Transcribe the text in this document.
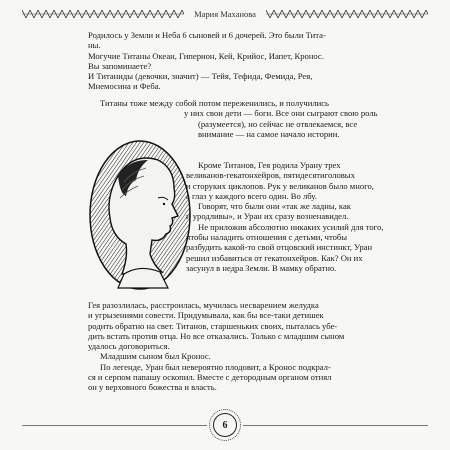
Мария Маханова

Родилось у Земли и Неба 6 сыновей и 6 дочерей. Это были Тита-

ны.

Могучие Титаны Океан, Гиперион, Кей, Крийос, Иапет, Кронос.

Вы запоминаете?

И Титаниды (девочки, значит) — Тейя, Тефида, Фемида, Рея,

Мнемосина и Феба.

Титаны тоже между собой потом переженились, и получились

у них свои дети — боги. Все они сыграют свою роль

(разумеется), но сейчас не отвлекаемся, все

внимание — на самое начало истории.

Кроме Титанов, Гея родила Урану трех

великанов-гекатонхейров, пятидесятиголовых

и сторуких циклопов. Рук у великанов было много,

а глаз у каждого всего один. Во лбу.

Говорят, что были они «так же ладны, как

и уродливы», и Уран их сразу возненавидел.

Не приложив абсолютно никаких усилий для того,

чтобы наладить отношения с детьми, чтобы

разбудить какой-то свой отцовский инстинкт, Уран

решил избавиться от гекатонхейров. Как? Он их

засунул в недра Земли. В мамку обратно.

Гея разозлилась, расстроилась, мучилась несварением желудка

и угрызениями совести. Придумывала, как бы все-таки детишек

родить обратно на свет. Титанов, старшеньких своих, пыталась убе-

дить встать против отца. Но все отказались. Только с младшим сыном

удалось договориться.

Младшим сыном был Кронос.

По легенде, Уран был невероятно плодовит, а Кронос подкрал-

ся и серпом папашу оскопил. Вместе с детородным органом отнял

он у верховного божества и власть.

6
